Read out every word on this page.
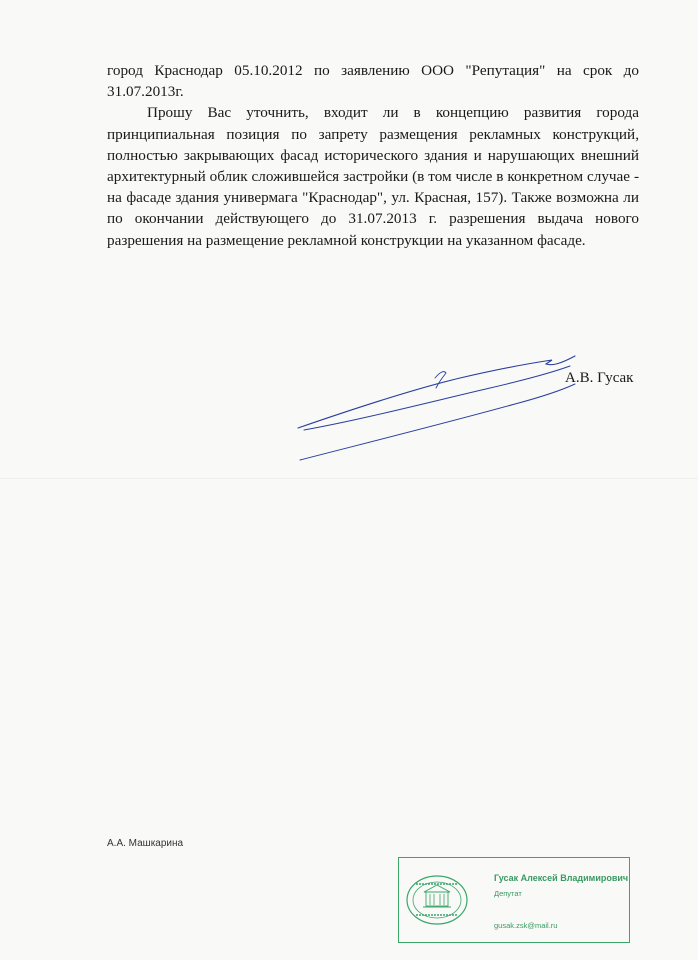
город Краснодар 05.10.2012 по заявлению ООО "Репутация" на срок до 31.07.2013г.

Прошу Вас уточнить, входит ли в концепцию развития города принципиальная позиция по запрету размещения рекламных конструкций, полностью закрывающих фасад исторического здания и нарушающих внешний архитектурный облик сложившейся застройки (в том числе в конкретном случае - на фасаде здания универмага "Краснодар", ул. Красная, 157). Также возможна ли по окончании действующего до 31.07.2013 г. разрешения выдача нового разрешения на размещение рекламной конструкции на указанном фасаде.

А.В. Гусак
А.А. Машкарина
Гусак Алексей Владимирович
Депутат
gusak.zsk@mail.ru
